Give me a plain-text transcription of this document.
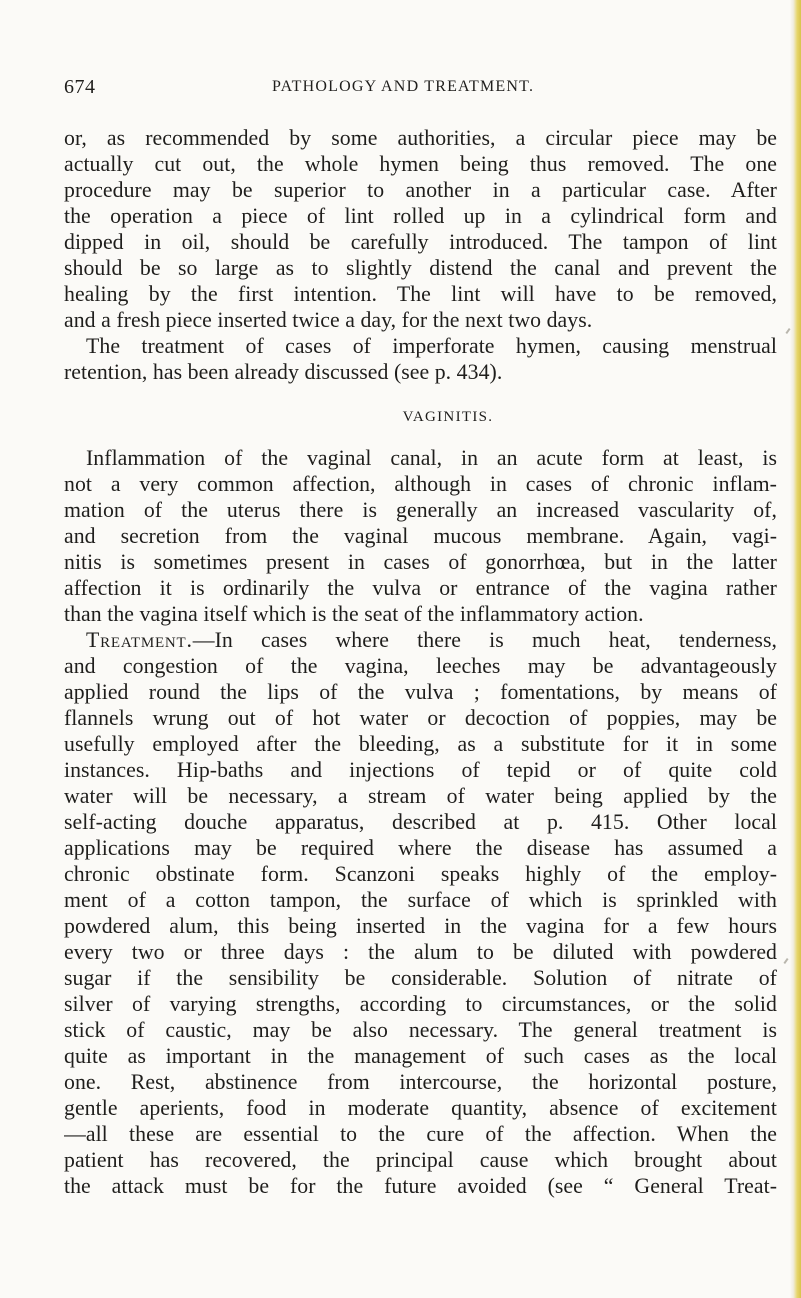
674	PATHOLOGY AND TREATMENT.
or, as recommended by some authorities, a circular piece may be
actually cut out, the whole hymen being thus removed. The one
procedure may be superior to another in a particular case. After
the operation a piece of lint rolled up in a cylindrical form and
dipped in oil, should be carefully introduced. The tampon of lint
should be so large as to slightly distend the canal and prevent the
healing by the first intention. The lint will have to be removed,
and a fresh piece inserted twice a day, for the next two days.
The treatment of cases of imperforate hymen, causing menstrual
retention, has been already discussed (see p. 434).
VAGINITIS.
Inflammation of the vaginal canal, in an acute form at least, is
not a very common affection, although in cases of chronic inflam-
mation of the uterus there is generally an increased vascularity of,
and secretion from the vaginal mucous membrane. Again, vagi-
nitis is sometimes present in cases of gonorrhœa, but in the latter
affection it is ordinarily the vulva or entrance of the vagina rather
than the vagina itself which is the seat of the inflammatory action.
Treatment.—In cases where there is much heat, tenderness,
and congestion of the vagina, leeches may be advantageously
applied round the lips of the vulva ; fomentations, by means of
flannels wrung out of hot water or decoction of poppies, may be
usefully employed after the bleeding, as a substitute for it in some
instances. Hip-baths and injections of tepid or of quite cold
water will be necessary, a stream of water being applied by the
self-acting douche apparatus, described at p. 415. Other local
applications may be required where the disease has assumed a
chronic obstinate form. Scanzoni speaks highly of the employ-
ment of a cotton tampon, the surface of which is sprinkled with
powdered alum, this being inserted in the vagina for a few hours
every two or three days : the alum to be diluted with powdered
sugar if the sensibility be considerable. Solution of nitrate of
silver of varying strengths, according to circumstances, or the solid
stick of caustic, may be also necessary. The general treatment is
quite as important in the management of such cases as the local
one. Rest, abstinence from intercourse, the horizontal posture,
gentle aperients, food in moderate quantity, absence of excitement
—all these are essential to the cure of the affection. When the
patient has recovered, the principal cause which brought about
the attack must be for the future avoided (see “ General Treat-
